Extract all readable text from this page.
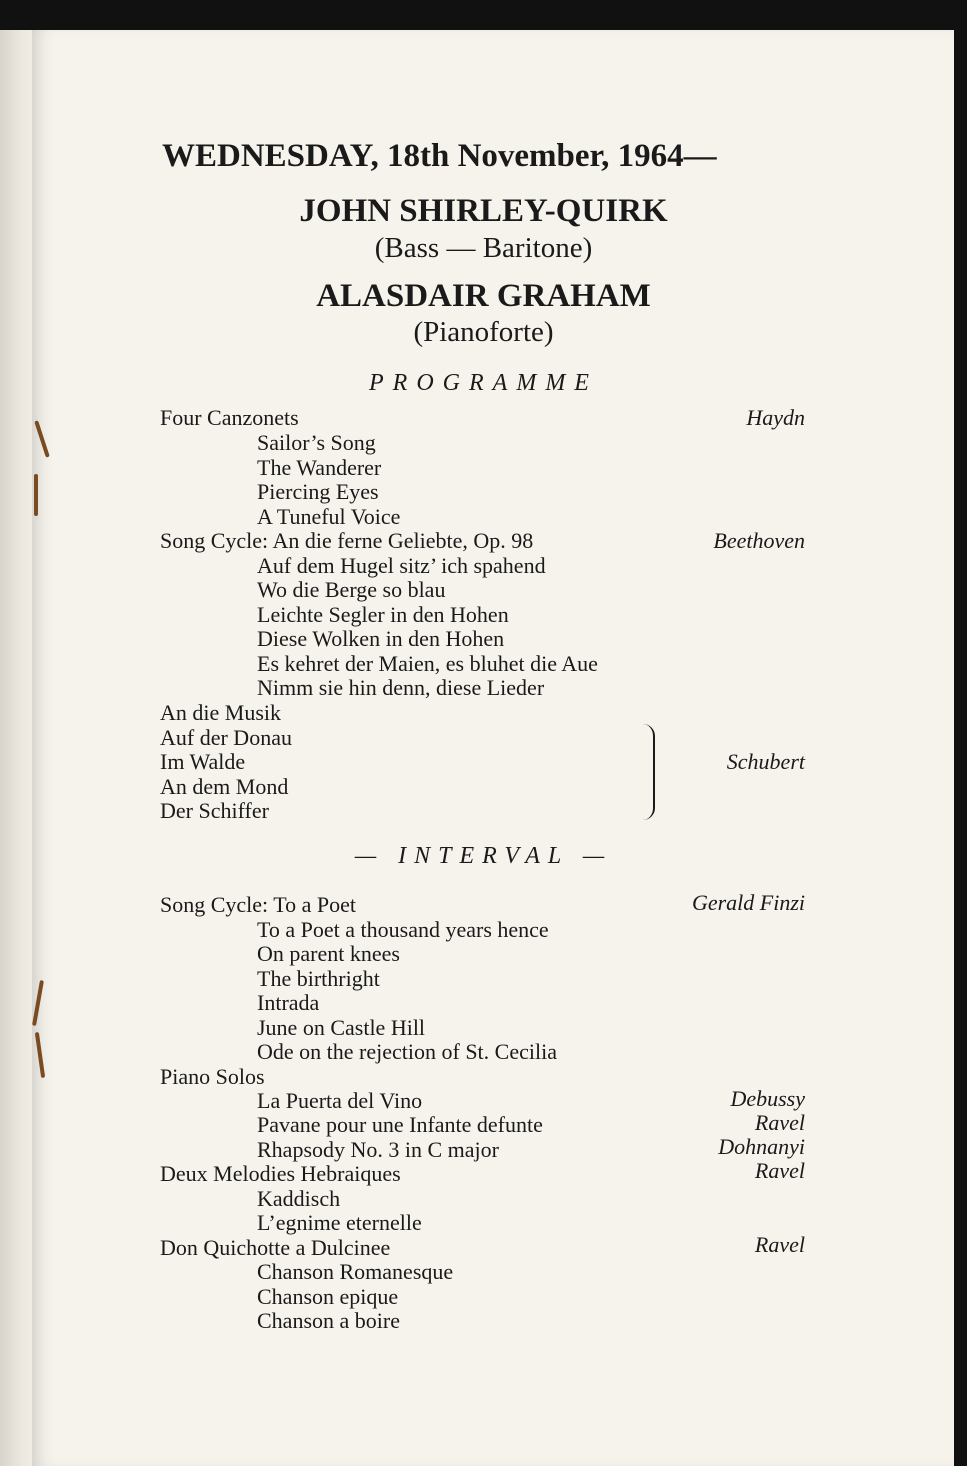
WEDNESDAY, 18th November, 1964—
JOHN SHIRLEY-QUIRK
(Bass — Baritone)
ALASDAIR GRAHAM
(Pianoforte)
PROGRAMME
Four Canzonets	Haydn
Sailor’s Song
The Wanderer
Piercing Eyes
A Tuneful Voice
Song Cycle: An die ferne Geliebte, Op. 98	Beethoven
Auf dem Hugel sitz’ ich spahend
Wo die Berge so blau
Leichte Segler in den Hohen
Diese Wolken in den Hohen
Es kehret der Maien, es bluhet die Aue
Nimm sie hin denn, diese Lieder
An die Musik
Auf der Donau
Im Walde
An dem Mond
Der Schiffer
Schubert
— INTERVAL —
Song Cycle: To a Poet	Gerald Finzi
To a Poet a thousand years hence
On parent knees
The birthright
Intrada
June on Castle Hill
Ode on the rejection of St. Cecilia
Piano Solos
La Puerta del Vino	Debussy
Pavane pour une Infante defunte	Ravel
Rhapsody No. 3 in C major	Dohnanyi
Deux Melodies Hebraiques	Ravel
Kaddisch
L’egnime eternelle
Don Quichotte a Dulcinee	Ravel
Chanson Romanesque
Chanson epique
Chanson a boire
